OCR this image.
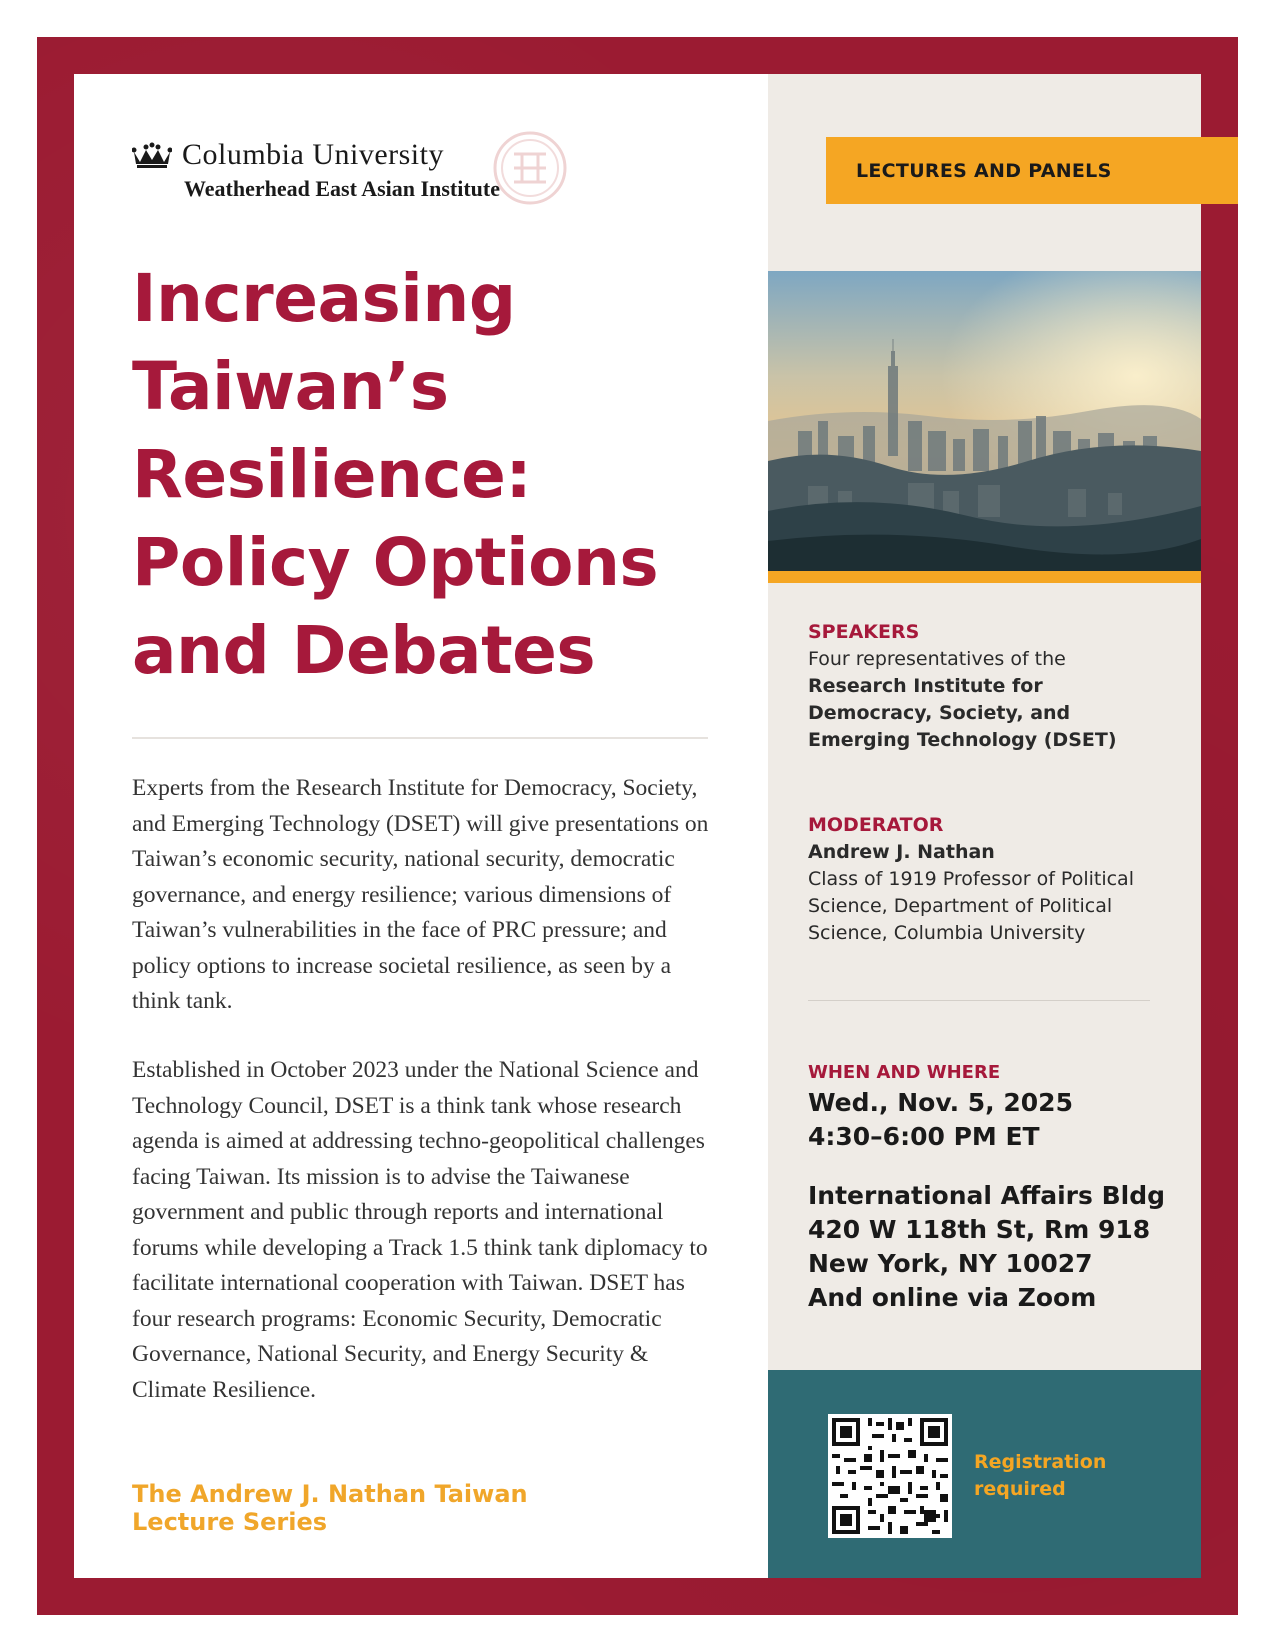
Columbia University
Weatherhead East Asian Institute
Increasing
Taiwan’s
Resilience:
Policy Options
and Debates
Experts from the Research Institute for Democracy, Society, and Emerging Technology (DSET) will give presentations on Taiwan’s economic security, national security, democratic governance, and energy resilience; various dimensions of Taiwan’s vulnerabilities in the face of PRC pressure; and policy options to increase societal resilience, as seen by a think tank.
Established in October 2023 under the National Science and Technology Council, DSET is a think tank whose research agenda is aimed at addressing techno-geopolitical challenges facing Taiwan. Its mission is to advise the Taiwanese government and public through reports and international forums while developing a Track 1.5 think tank diplomacy to facilitate international cooperation with Taiwan. DSET has four research programs: Economic Security, Democratic Governance, National Security, and Energy Security & Climate Resilience.
The Andrew J. Nathan Taiwan
Lecture Series
LECTURES AND PANELS
SPEAKERS
Four representatives of the
Research Institute for Democracy, Society, and Emerging Technology (DSET)
MODERATOR
Andrew J. Nathan
Class of 1919 Professor of Political Science, Department of Political Science, Columbia University
WHEN AND WHERE
Wed., Nov. 5, 2025
4:30–6:00 PM ET
International Affairs Bldg
420 W 118th St, Rm 918
New York, NY 10027
And online via Zoom
Registration
required
